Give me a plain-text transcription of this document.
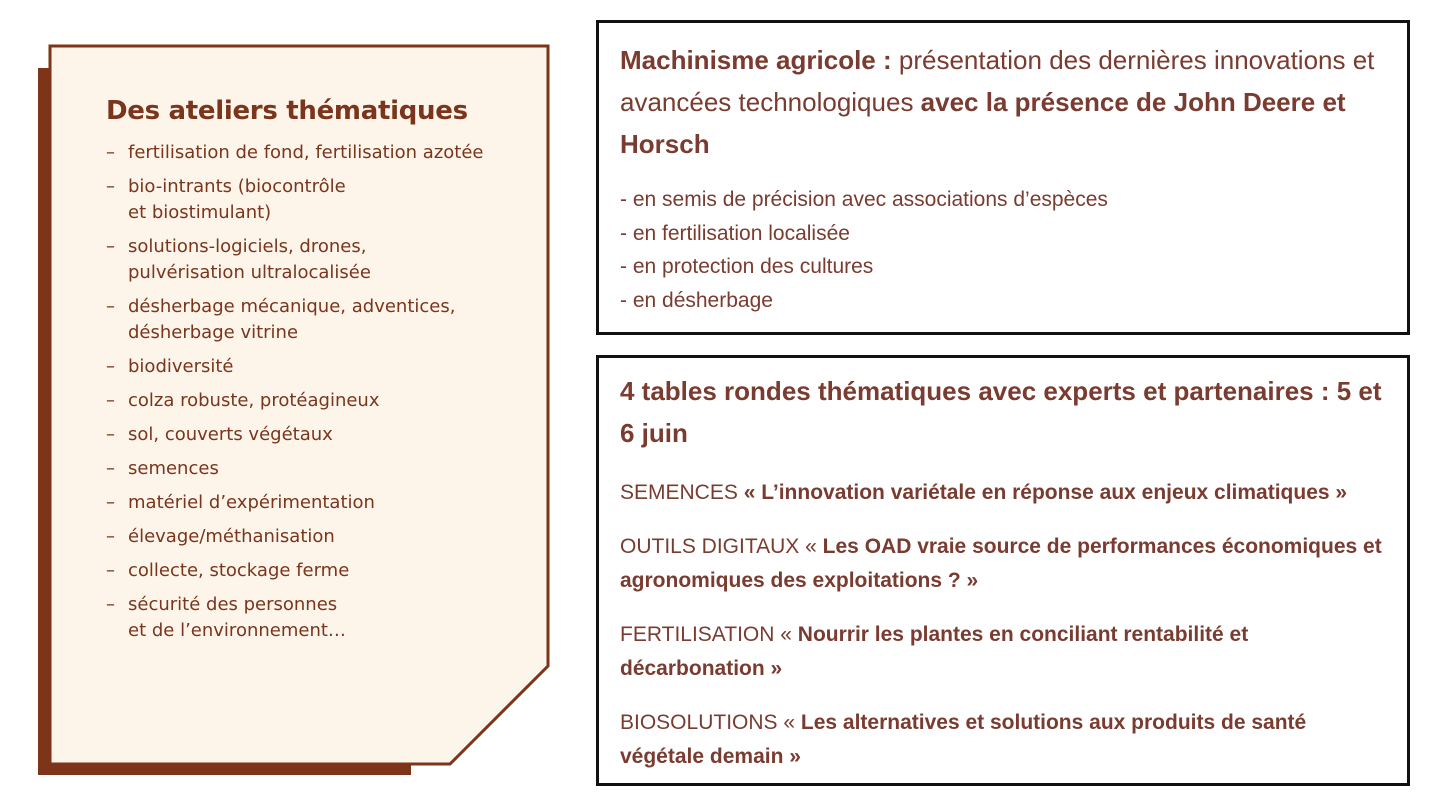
Des ateliers thématiques
– fertilisation de fond, fertilisation azotée
– bio-intrants (biocontrôle
et biostimulant)
– solutions-logiciels, drones,
pulvérisation ultralocalisée
– désherbage mécanique, adventices,
désherbage vitrine
– biodiversité
– colza robuste, protéagineux
– sol, couverts végétaux
– semences
– matériel d’expérimentation
– élevage/méthanisation
– collecte, stockage ferme
– sécurité des personnes
et de l’environnement…

Machinisme agricole : présentation des dernières innovations et avancées technologiques avec la présence de John Deere et Horsch

- en semis de précision avec associations d’espèces
- en fertilisation localisée
- en protection des cultures
- en désherbage

4 tables rondes thématiques avec experts et partenaires : 5 et 6 juin

SEMENCES « L’innovation variétale en réponse aux enjeux climatiques »

OUTILS DIGITAUX « Les OAD vraie source de performances économiques et agronomiques des exploitations ? »

FERTILISATION « Nourrir les plantes en conciliant rentabilité et décarbonation »

BIOSOLUTIONS « Les alternatives et solutions aux produits de santé végétale demain »
